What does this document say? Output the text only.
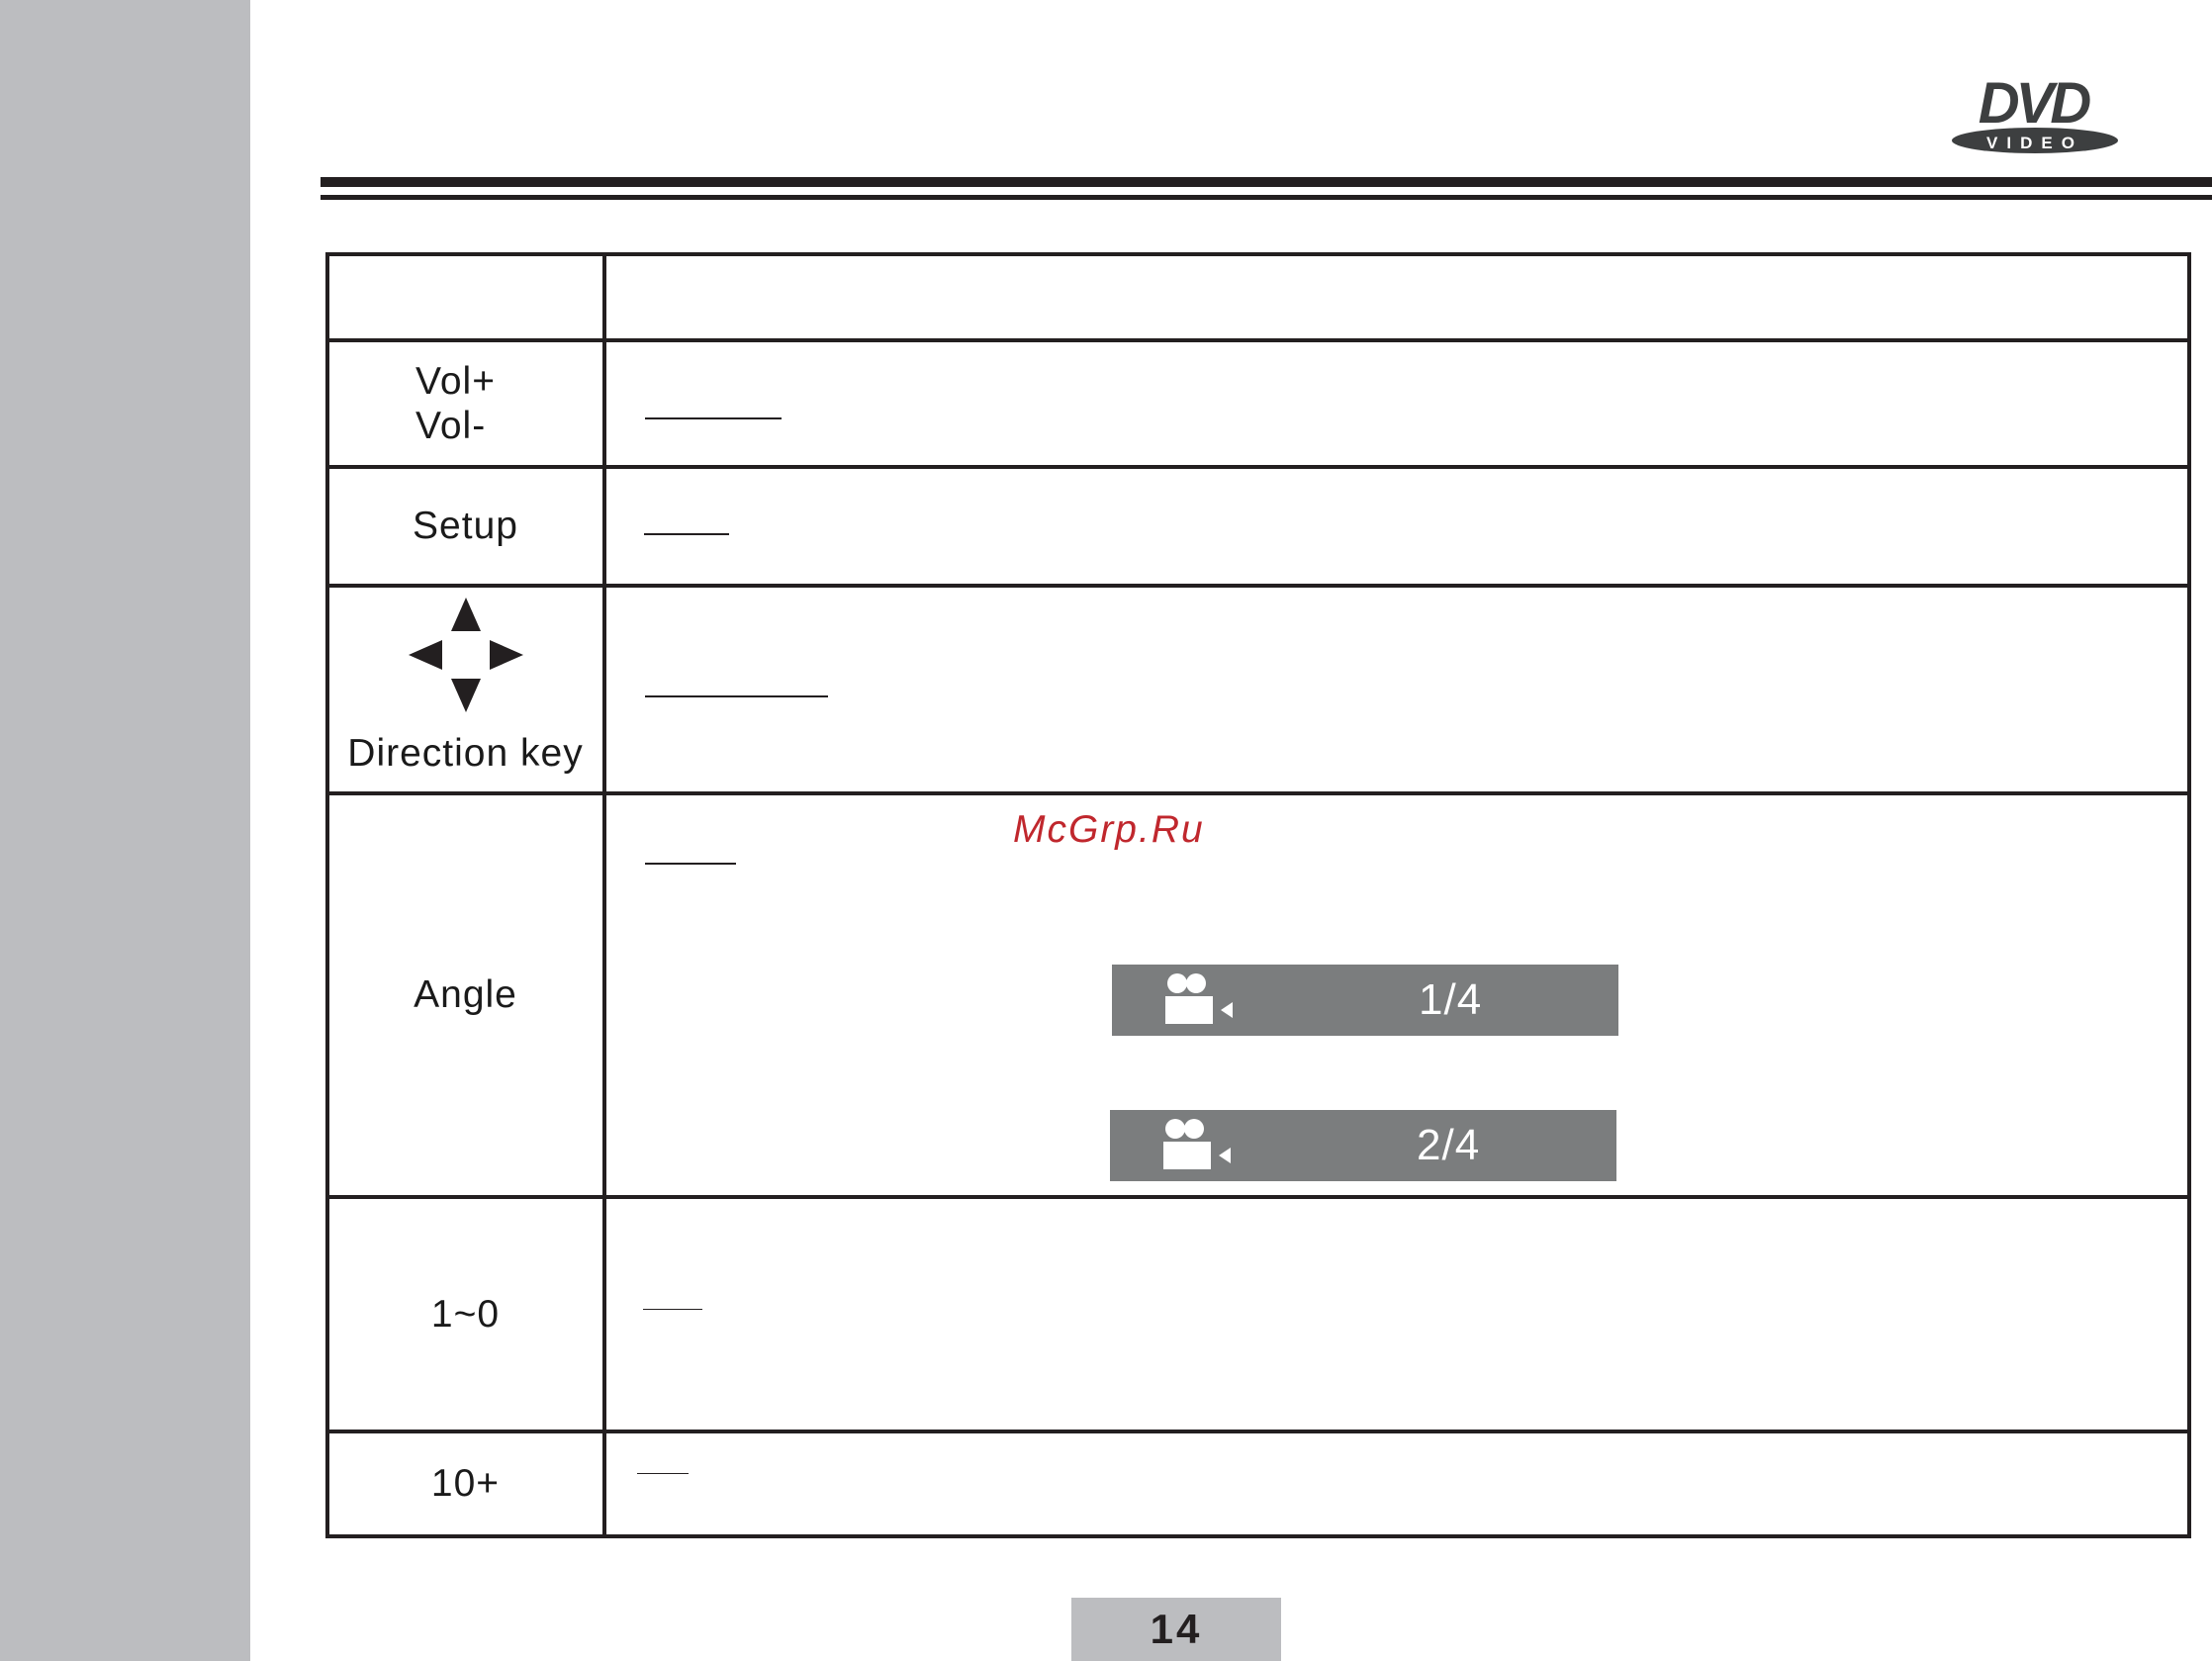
VIDEO
DVD
Vol+
Vol-
Setup
Direction key
Angle	1/4
2/4
1~0
10+
McGrp.Ru
14
